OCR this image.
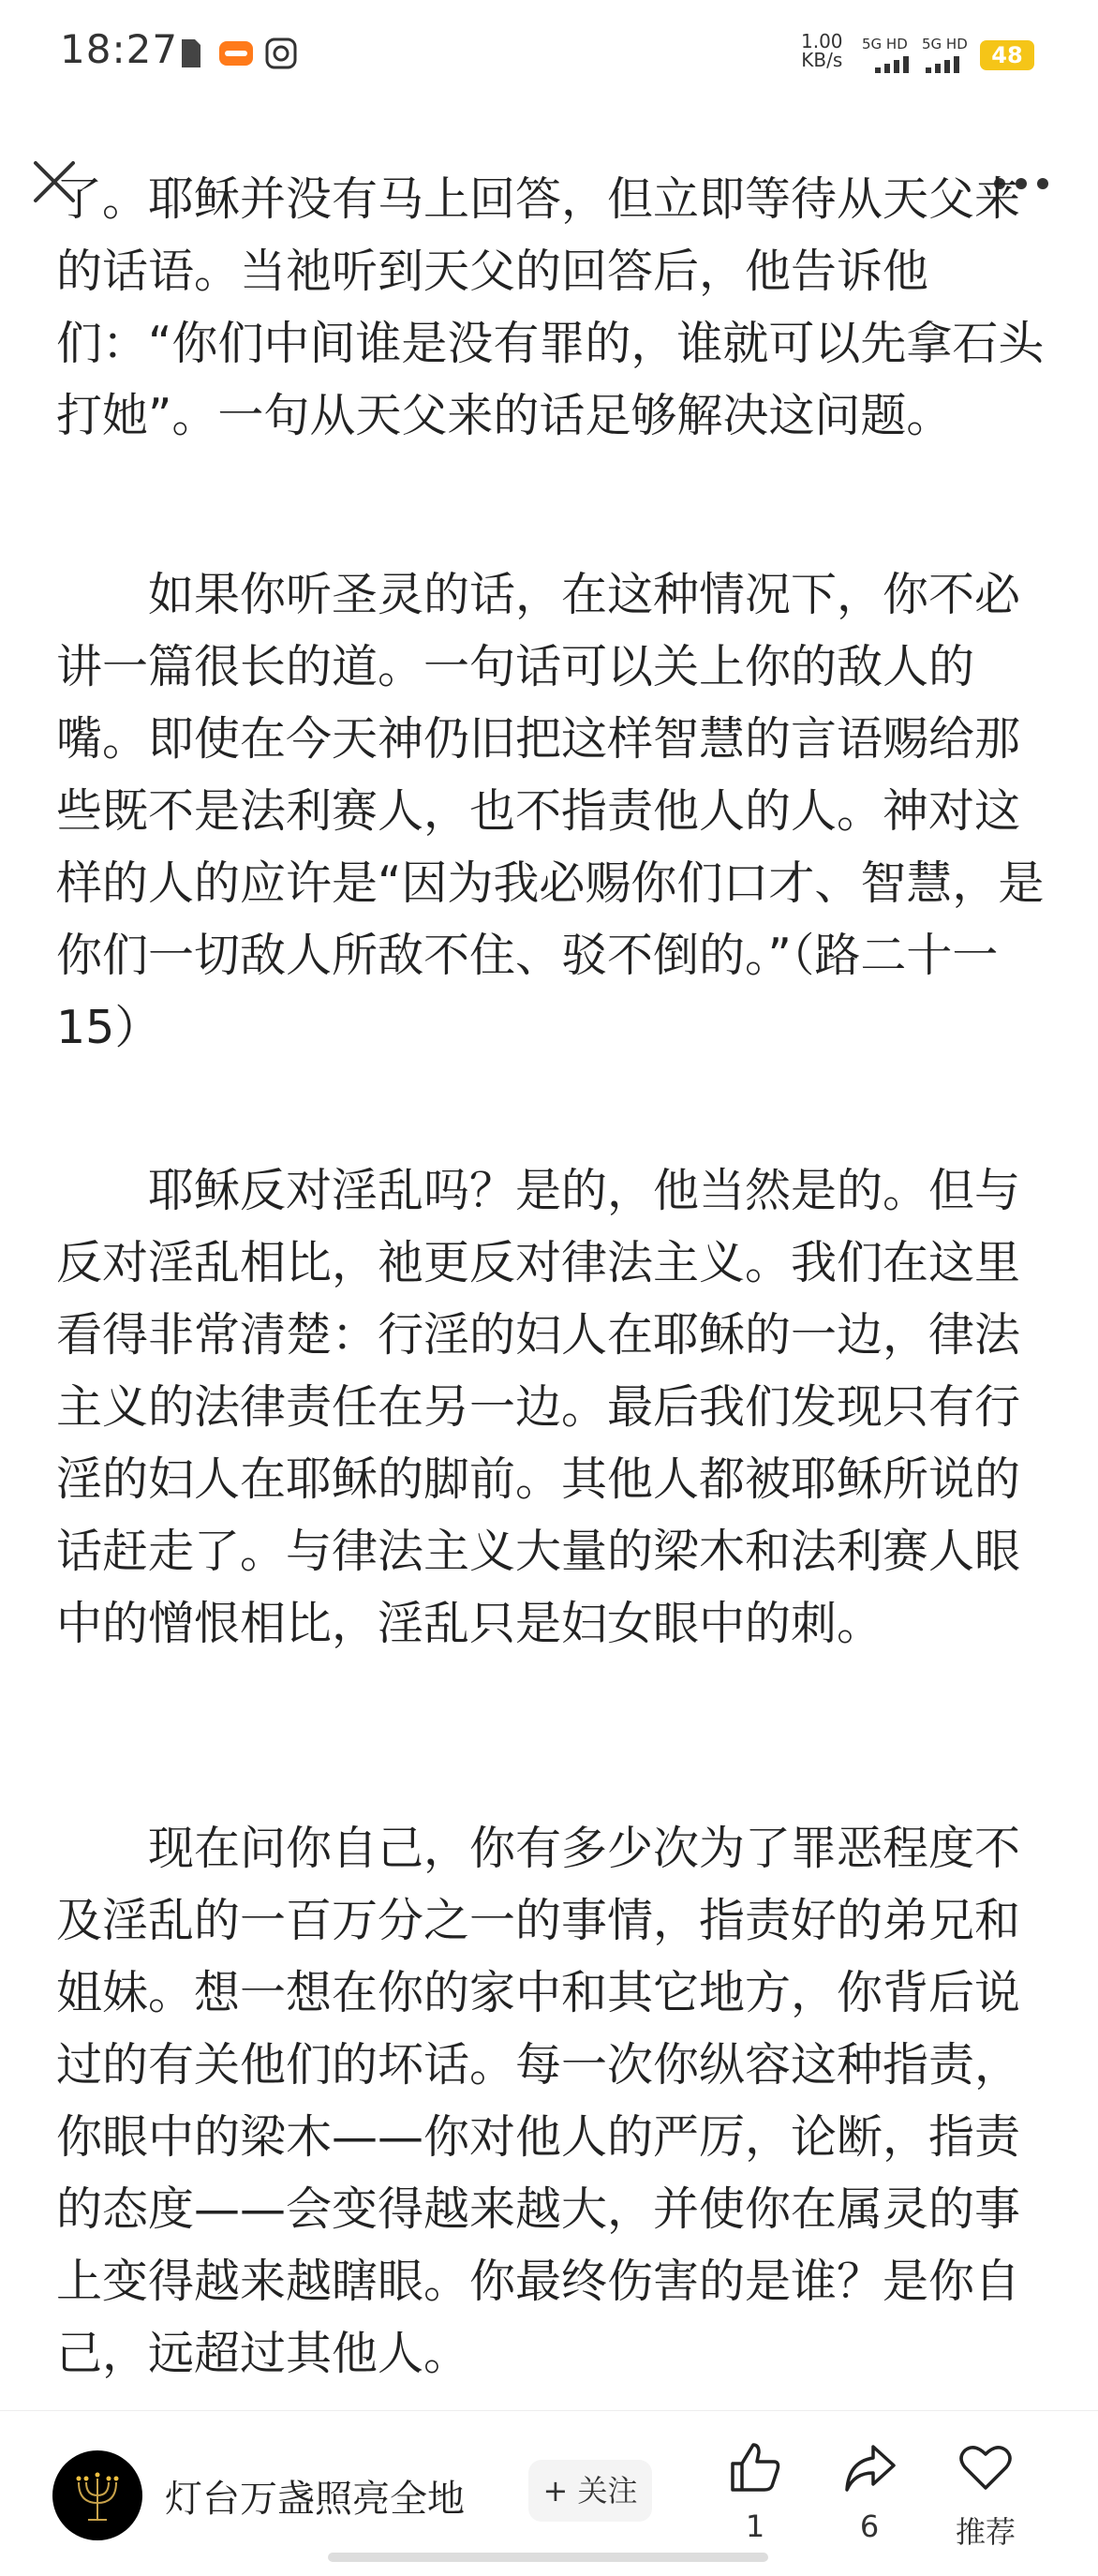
18:27	1.00
KB/s
5G HD 5G HD	48

了。耶稣并没有马上回答，但立即等待从天父来的话语。当祂听到天父的回答后，他告诉他们：“你们中间谁是没有罪的，谁就可以先拿石头打她”。一句从天父来的话足够解决这问题。

如果你听圣灵的话，在这种情况下，你不必讲一篇很长的道。一句话可以关上你的敌人的嘴。即使在今天神仍旧把这样智慧的言语赐给那些既不是法利赛人，也不指责他人的人。神对这样的人的应许是“因为我必赐你们口才、智慧，是你们一切敌人所敌不住、驳不倒的。”（路二十一 15）

耶稣反对淫乱吗？是的，他当然是的。但与反对淫乱相比，祂更反对律法主义。我们在这里看得非常清楚：行淫的妇人在耶稣的一边，律法主义的法律责任在另一边。最后我们发现只有行淫的妇人在耶稣的脚前。其他人都被耶稣所说的话赶走了。与律法主义大量的梁木和法利赛人眼中的憎恨相比，淫乱只是妇女眼中的刺。

现在问你自己，你有多少次为了罪恶程度不及淫乱的一百万分之一的事情，指责好的弟兄和姐妹。想一想在你的家中和其它地方，你背后说过的有关他们的坏话。每一次你纵容这种指责，你眼中的梁木——你对他人的严厉，论断，指责的态度——会变得越来越大，并使你在属灵的事上变得越来越瞎眼。你最终伤害的是谁？是你自己，远超过其他人。

灯台万盏照亮全地	+ 关注
1	6	推荐
